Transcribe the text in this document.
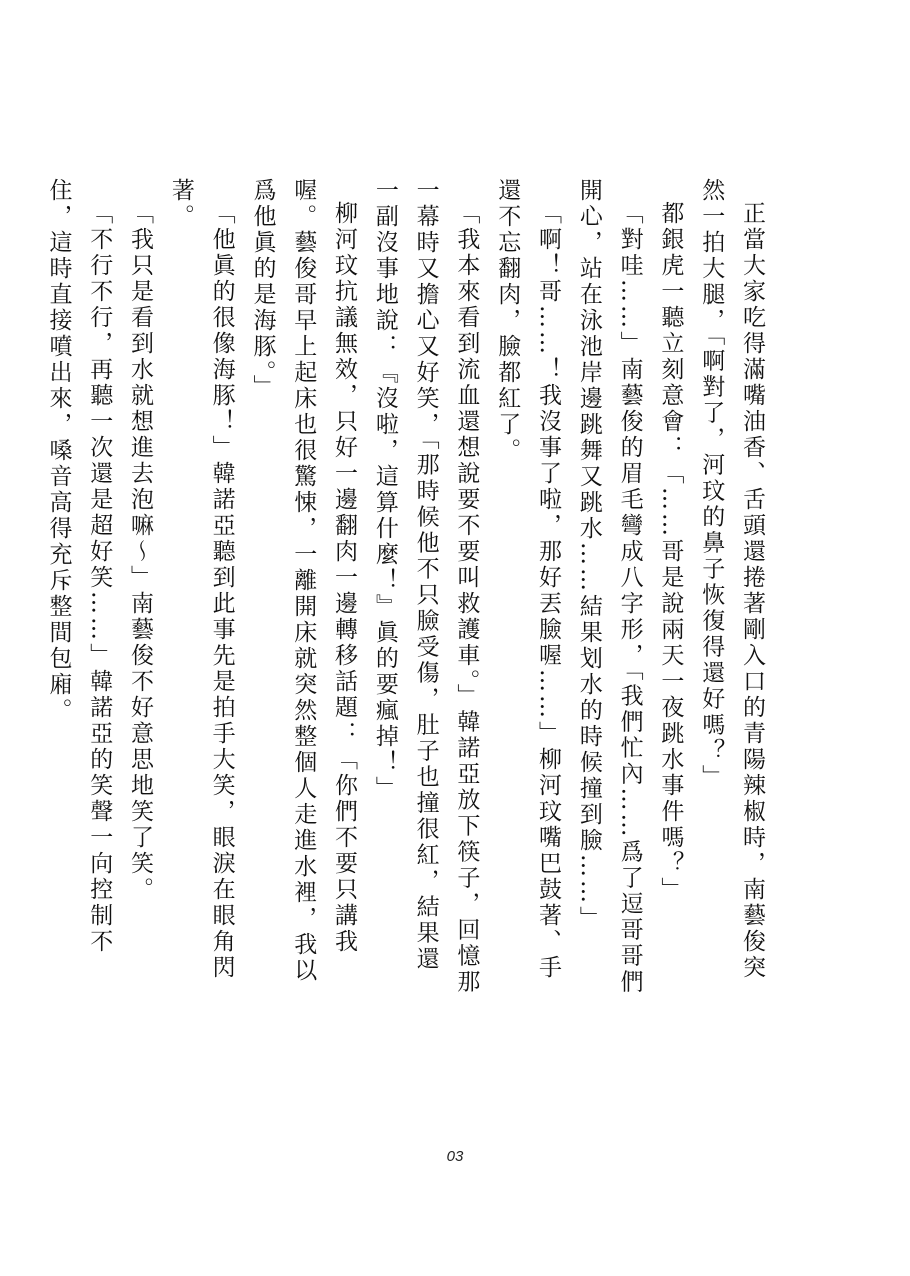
正當大家吃得滿嘴油香、舌頭還捲著剛入口的青陽辣椒時，南藝俊突然一拍大腿，「啊對了，河玟的鼻子恢復得還好嗎？」

都銀虎一聽立刻意會：「……哥是說兩天一夜跳水事件嗎？」

「對哇……」南藝俊的眉毛彎成八字形，「我們忙內……爲了逗哥哥們開心，站在泳池岸邊跳舞又跳水……結果划水的時候撞到臉……」

「啊！哥……！我沒事了啦，那好丟臉喔……」柳河玟嘴巴鼓著、手還不忘翻肉，臉都紅了。

「我本來看到流血還想說要不要叫救護車。」韓諾亞放下筷子，回憶那一幕時又擔心又好笑，「那時候他不只臉受傷，肚子也撞很紅，結果還一副沒事地說：『沒啦，這算什麼！』眞的要瘋掉！」

柳河玟抗議無效，只好一邊翻肉一邊轉移話題：「你們不要只講我喔。藝俊哥早上起床也很驚悚，一離開床就突然整個人走進水裡，我以爲他眞的是海豚。」

「他眞的很像海豚！」韓諾亞聽到此事先是拍手大笑，眼淚在眼角閃著。

「我只是看到水就想進去泡嘛～」南藝俊不好意思地笑了笑。

「不行不行，再聽一次還是超好笑……」韓諾亞的笑聲一向控制不住，這時直接噴出來，嗓音高得充斥整間包廂。

03
